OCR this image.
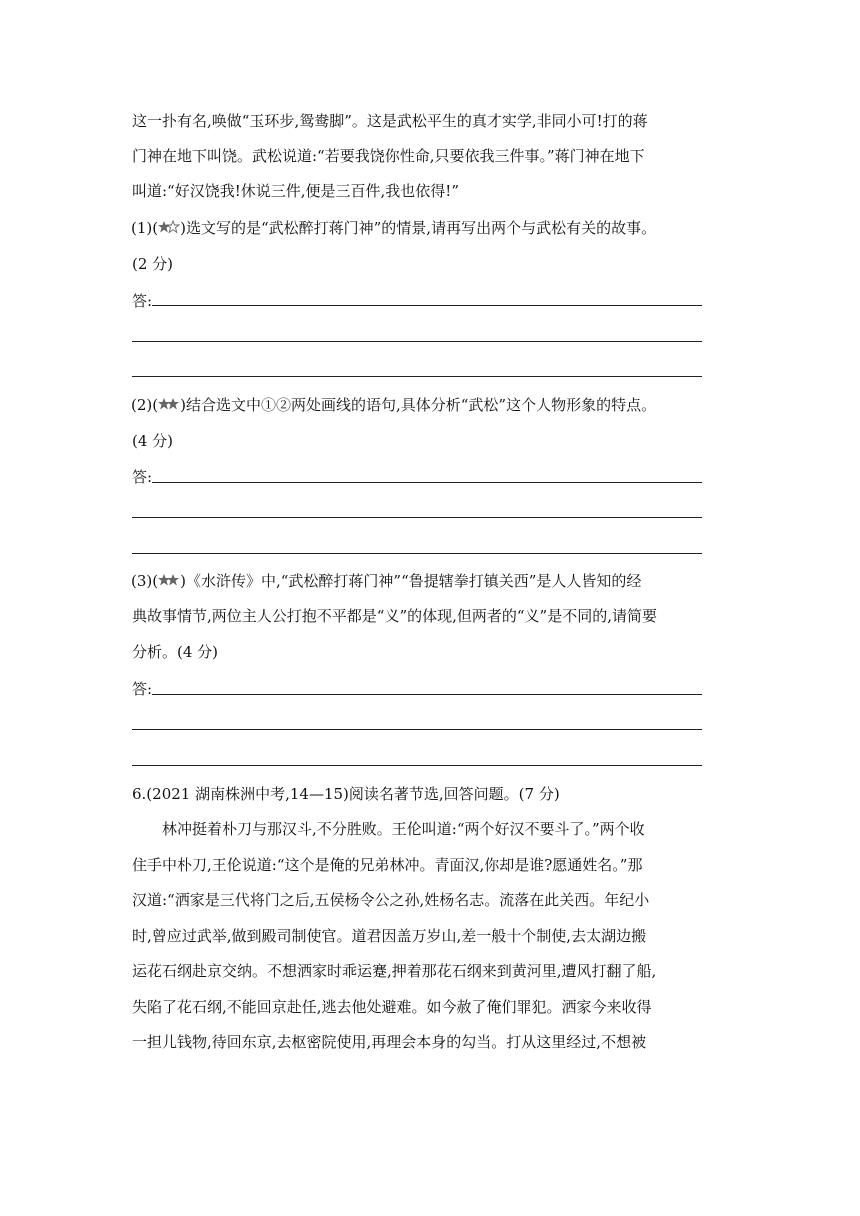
这一扑有名,唤做“玉环步,鸳鸯脚”。这是武松平生的真才实学,非同小可!打的蒋
门神在地下叫饶。武松说道:“若要我饶你性命,只要依我三件事。”蒋门神在地下
叫道:“好汉饶我!休说三件,便是三百件,我也依得!”
(1)( )选文写的是“武松醉打蒋门神”的情景,请再写出两个与武松有关的故事。
(2 分)
答:
(2)( )结合选文中①②两处画线的语句,具体分析“武松”这个人物形象的特点。
(4 分)
答:
(3)( )《水浒传》中,“武松醉打蒋门神”“鲁提辖拳打镇关西”是人人皆知的经
典故事情节,两位主人公打抱不平都是“义”的体现,但两者的“义”是不同的,请简要
分析。(4 分)
答:
6.(2021 湖南株洲中考,14—15)阅读名著节选,回答问题。(7 分)
林冲挺着朴刀与那汉斗,不分胜败。王伦叫道:“两个好汉不要斗了。”两个收
住手中朴刀,王伦说道:“这个是俺的兄弟林冲。青面汉,你却是谁?愿通姓名。”那
汉道:“洒家是三代将门之后,五侯杨令公之孙,姓杨名志。流落在此关西。年纪小
时,曾应过武举,做到殿司制使官。道君因盖万岁山,差一般十个制使,去太湖边搬
运花石纲赴京交纳。不想洒家时乖运蹇,押着那花石纲来到黄河里,遭风打翻了船,
失陷了花石纲,不能回京赴任,逃去他处避难。如今赦了俺们罪犯。洒家今来收得
一担儿钱物,待回东京,去枢密院使用,再理会本身的勾当。打从这里经过,不想被
